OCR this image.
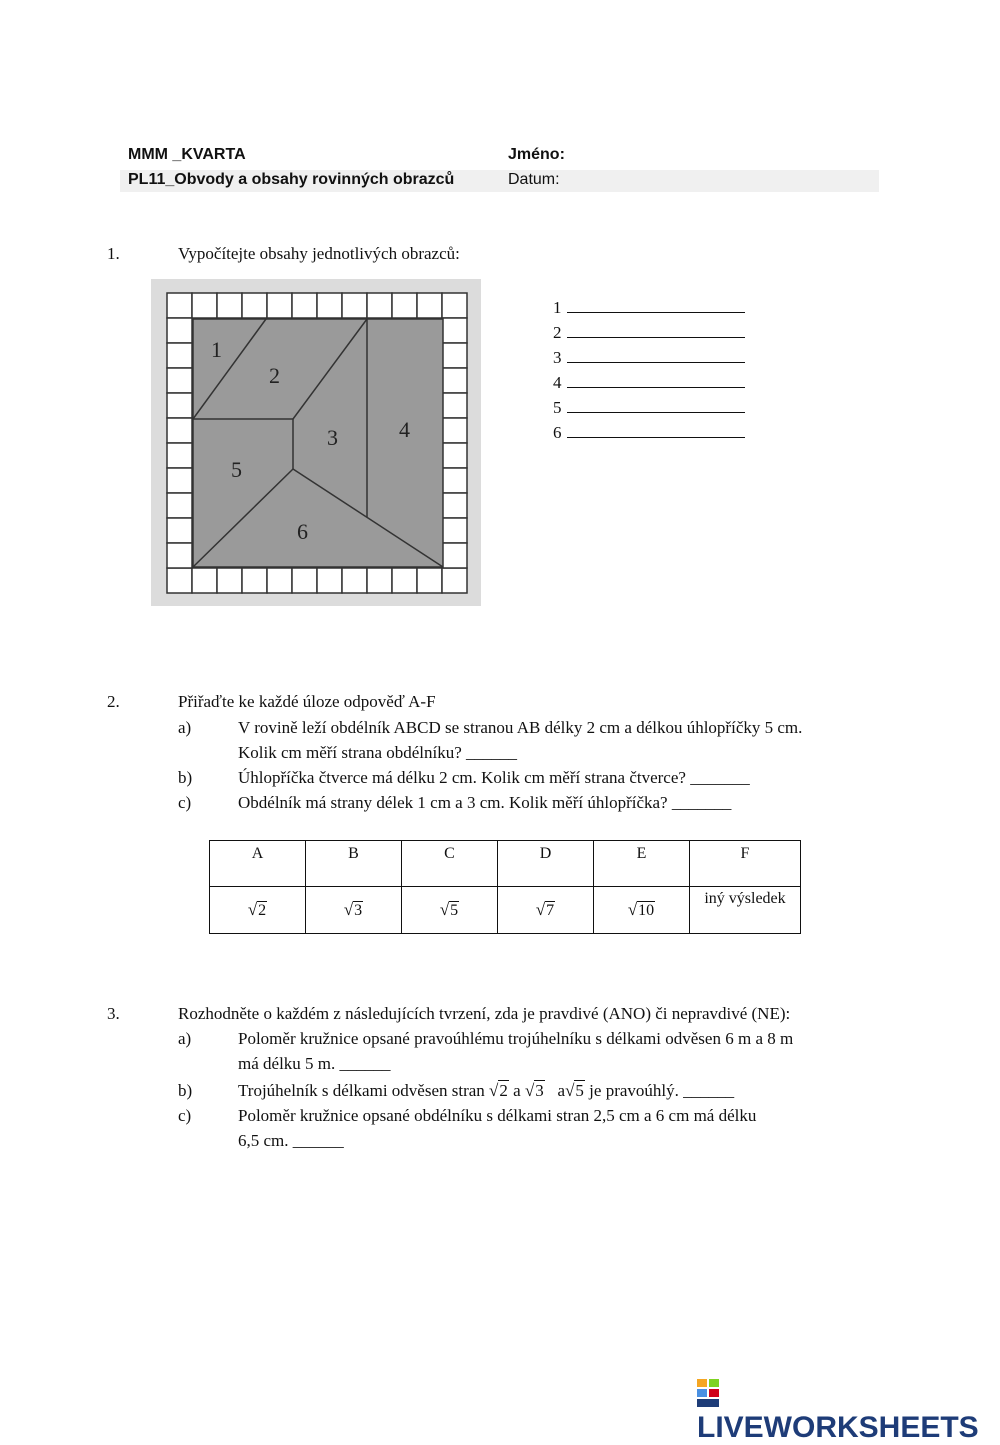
MMM _KVARTA
PL11_Obvody a obsahy rovinných obrazců
Jméno:
Datum:
1.	Vypočítejte obsahy jednotlivých obrazců:
1
2
3	4
5
6
1
2
3
4
5
6
2.	Přiřaďte ke každé úloze odpověď A-F
a)	V rovině leží obdélník ABCD se stranou AB délky 2 cm a délkou úhlopříčky 5 cm.
Kolik cm měří strana obdélníku? ______
b)	Úhlopříčka čtverce má délku 2 cm. Kolik cm měří strana čtverce? _______
c)	Obdélník má strany délek 1 cm a 3 cm. Kolik měří úhlopříčka? _______
A	B	C	D	E	F
√2	√3	√5	√7	√10	iný výsledek
3.	Rozhodněte o každém z následujících tvrzení, zda je pravdivé (ANO) či nepravdivé (NE):
a)	Poloměr kružnice opsané pravoúhlému trojúhelníku s délkami odvěsen 6 m a 8 m
má délku 5 m. ______
b)	Trojúhelník s délkami odvěsen stran √2 a √3   a√5 je pravoúhlý. ______
c)	Poloměr kružnice opsané obdélníku s délkami stran 2,5 cm a 6 cm má délku
6,5 cm. ______
LIVEWORKSHEETS
